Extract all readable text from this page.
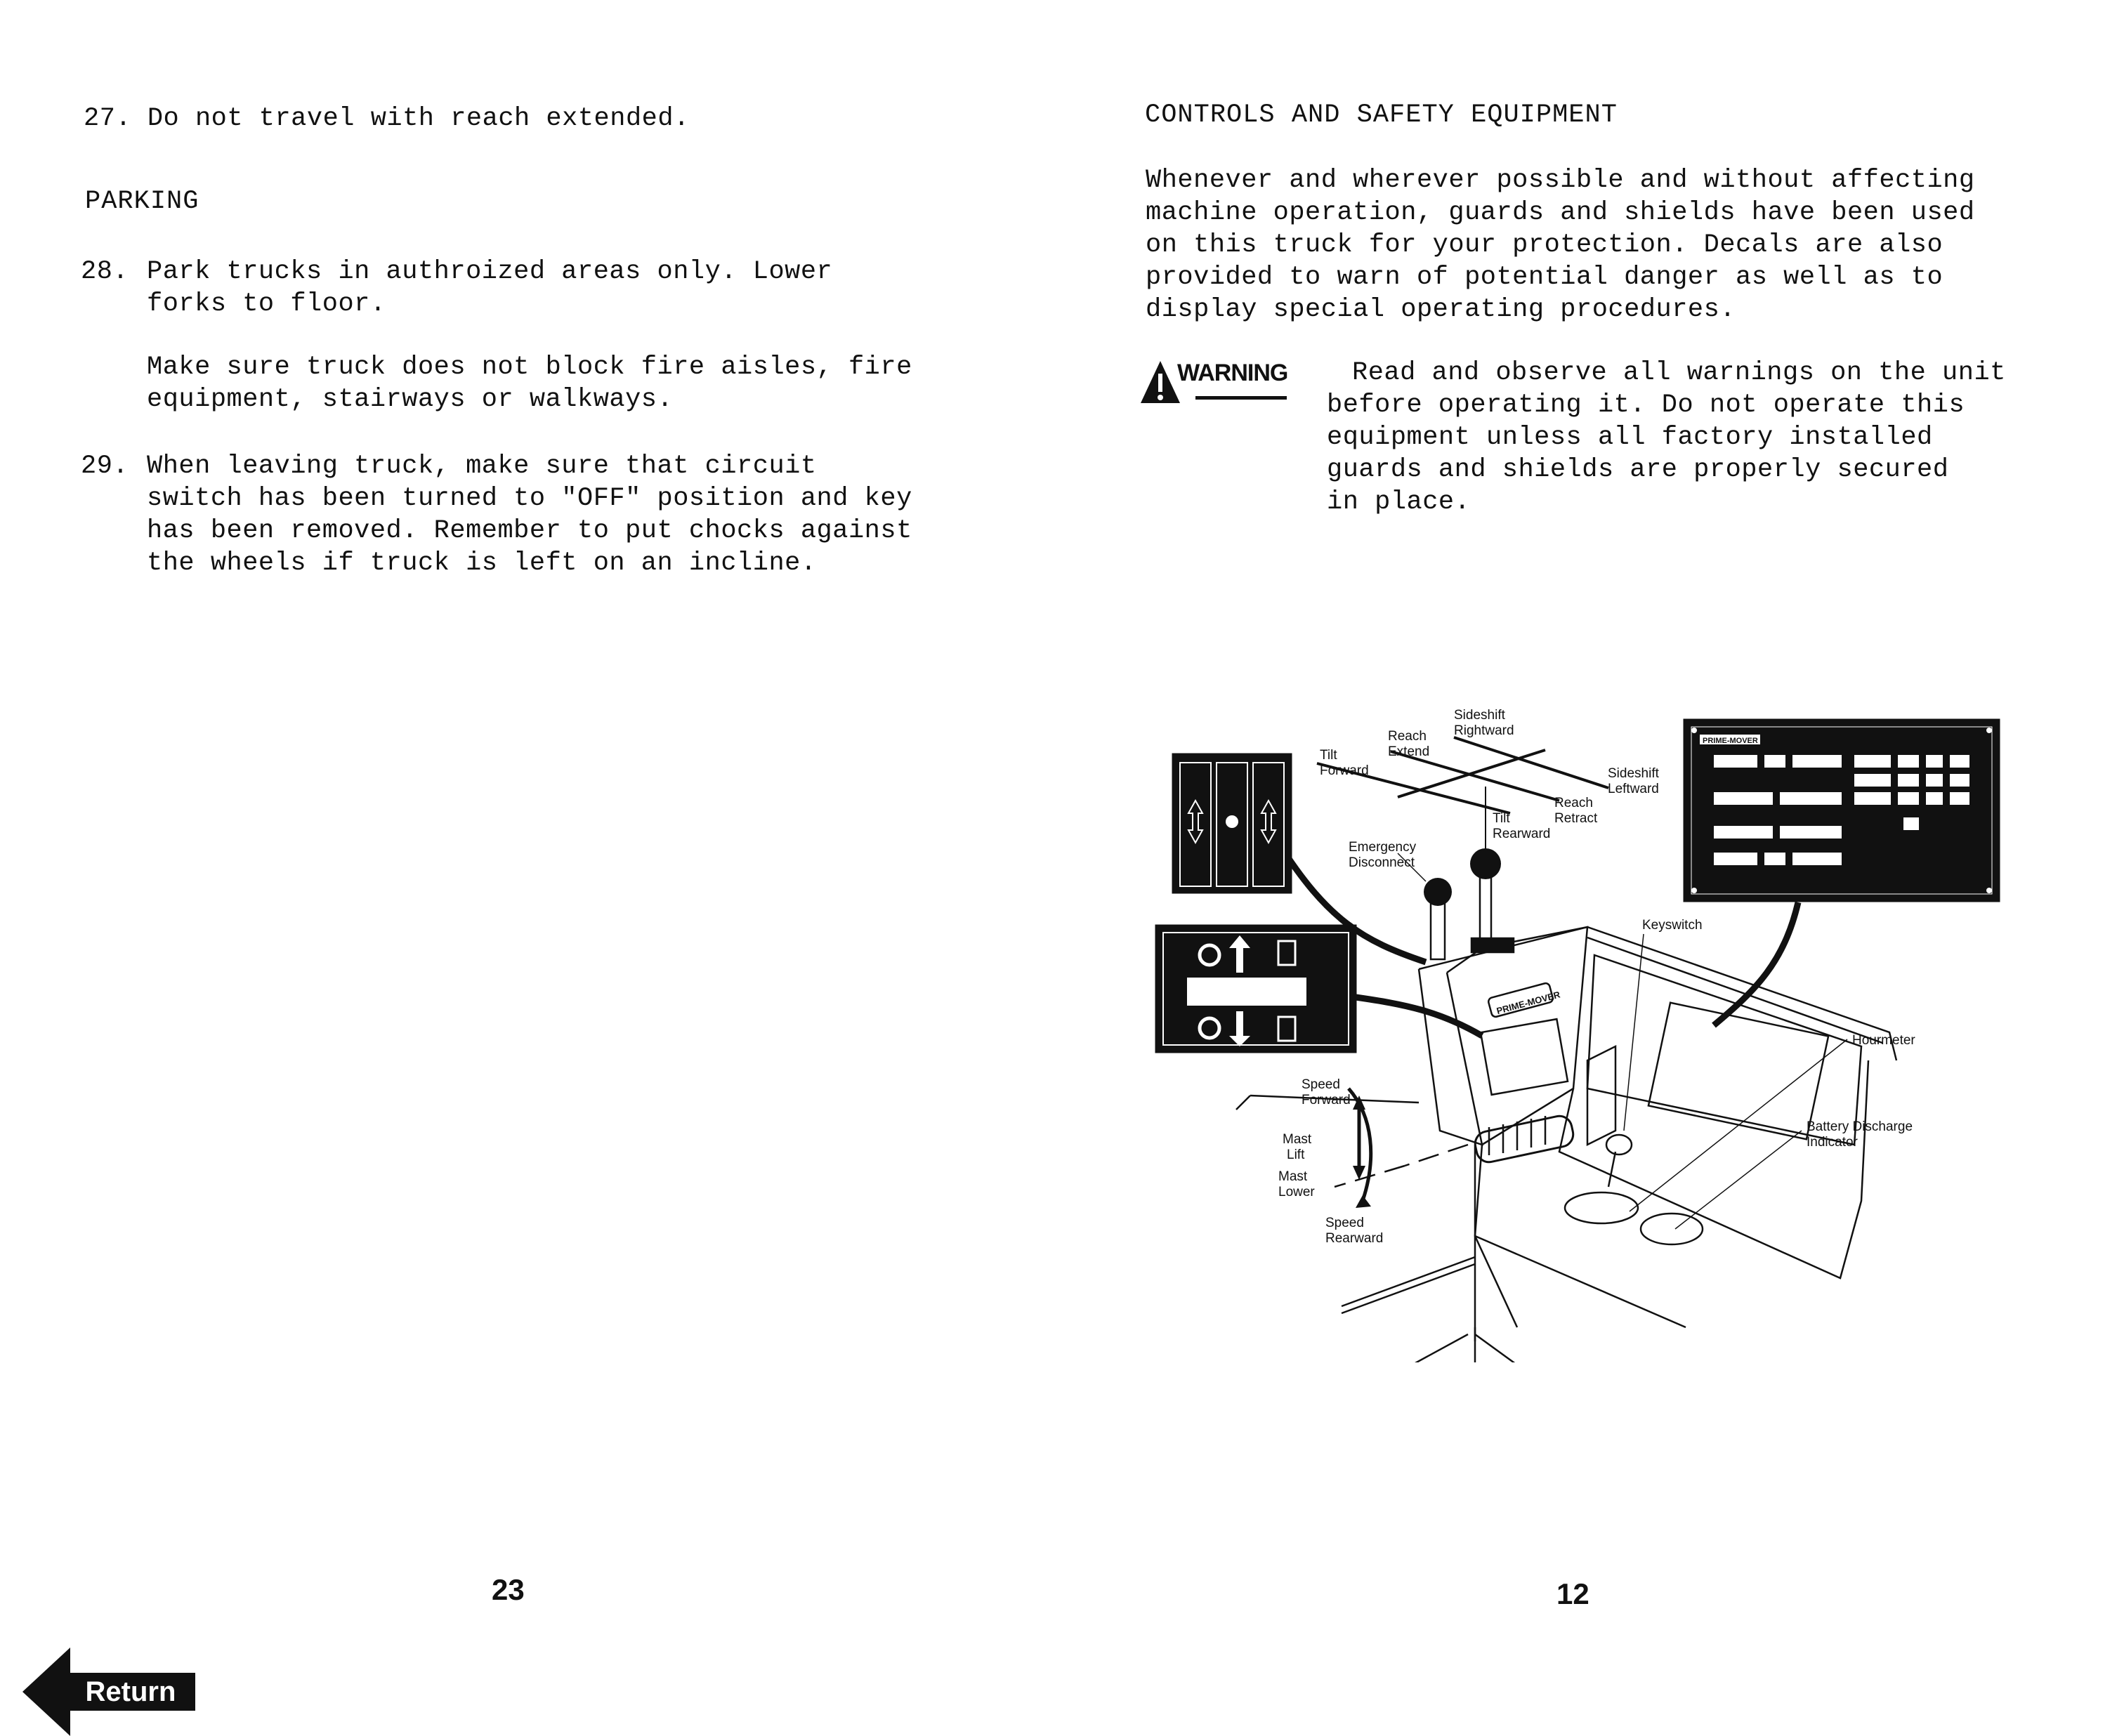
27. Do not travel with reach extended.
PARKING
28. Park trucks in authroized areas only. Lower
forks to floor.
Make sure truck does not block fire aisles, fire
equipment, stairways or walkways.
29. When leaving truck, make sure that circuit
switch has been turned to "OFF" position and key
has been removed. Remember to put chocks against
the wheels if truck is left on an incline.
23
CONTROLS AND SAFETY EQUIPMENT
Whenever and wherever possible and without affecting
machine operation, guards and shields have been used
on this truck for your protection. Decals are also
provided to warn of potential danger as well as to
display special operating procedures.
WARNING	Read and observe all warnings on the unit
before operating it. Do not operate this
equipment unless all factory installed
guards and shields are properly secured
in place.
PRIME-MOVER
PRIME-MOVER
Sideshift
Rightward
Reach
Extend
Tilt
Forward	Sideshift
Leftward
Reach
Retract
Tilt
Rearward
Emergency
Disconnect
Keyswitch
Hourmeter
Battery Discharge
Indicator
Speed
Forward
Mast
Lift
Mast
Lower
Speed
Rearward
12
Return
